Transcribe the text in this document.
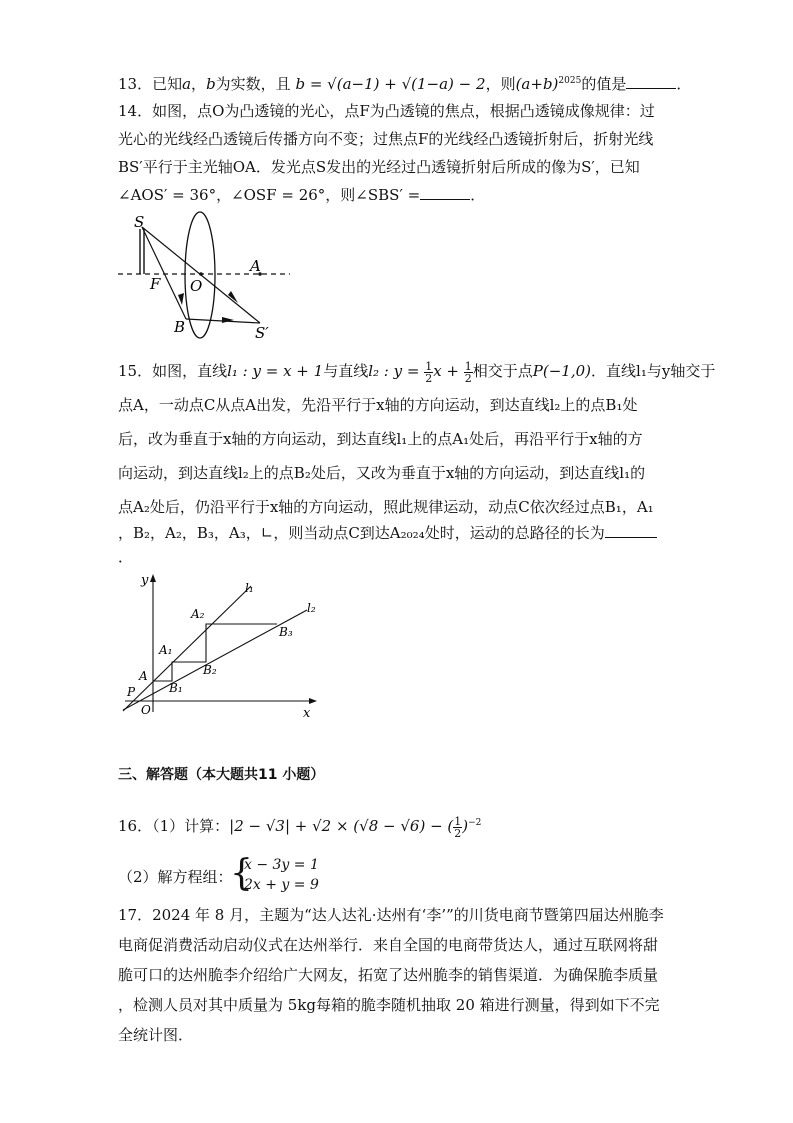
13．已知a，b为实数，且 b = √(a−1) + √(1−a) − 2，则$(a+b)^{2025}$的值是	．
14．如图，点O为凸透镜的光心，点F为凸透镜的焦点，根据凸透镜成像规律：过
光心的光线经凸透镜后传播方向不变；过焦点F的光线经凸透镜折射后，折射光线
BS′平行于主光轴OA．发光点S发出的光经过凸透镜折射后所成的像为S′，已知
∠AOS′ = 36°，∠OSF = 26°，则∠SBS′ =	．
S
F O
A
B	S′
15．如图，直线l₁ : y = x + 1与直线l₂ : $y = \frac{1}{2}$ $x + \frac{1}{2}$ 相交于点P(−1,0)．直线l₁与y轴交于
点A，一动点C从点A出发，先沿平行于x轴的方向运动，到达直线l₂上的点B₁处
后，改为垂直于x轴的方向运动，到达直线l₁上的点A₁处后，再沿平行于x轴的方
向运动，到达直线l₂上的点B₂处后，又改为垂直于x轴的方向运动，到达直线l₁的
点A₂处后，仍沿平行于x轴的方向运动，照此规律运动，动点C依次经过点B₁，A₁
，B₂，A₂，B₃，A₃，∟，则当动点C到达A₂₀₂₄处时，运动的总路径的长为
．
y
x
l₁
l₂
A₂
B₃
A₁
B₂
A
B₁
P
O
三、解答题（本大题共11 小题）
16．（1）计算：|2 − √3| + √2 × (√8 − √6) − ( $\frac{1}{2} )^{-2}$
（2）解方程组：
{
x − 3y = 1
2x + y = 9
17．2024 年 8 月，主题为“达人达礼·达州有‘李’”的川货电商节暨第四届达州脆李
电商促消费活动启动仪式在达州举行．来自全国的电商带货达人，通过互联网将甜
脆可口的达州脆李介绍给广大网友，拓宽了达州脆李的销售渠道．为确保脆李质量
，检测人员对其中质量为 5kg每箱的脆李随机抽取 20 箱进行测量，得到如下不完
全统计图．
